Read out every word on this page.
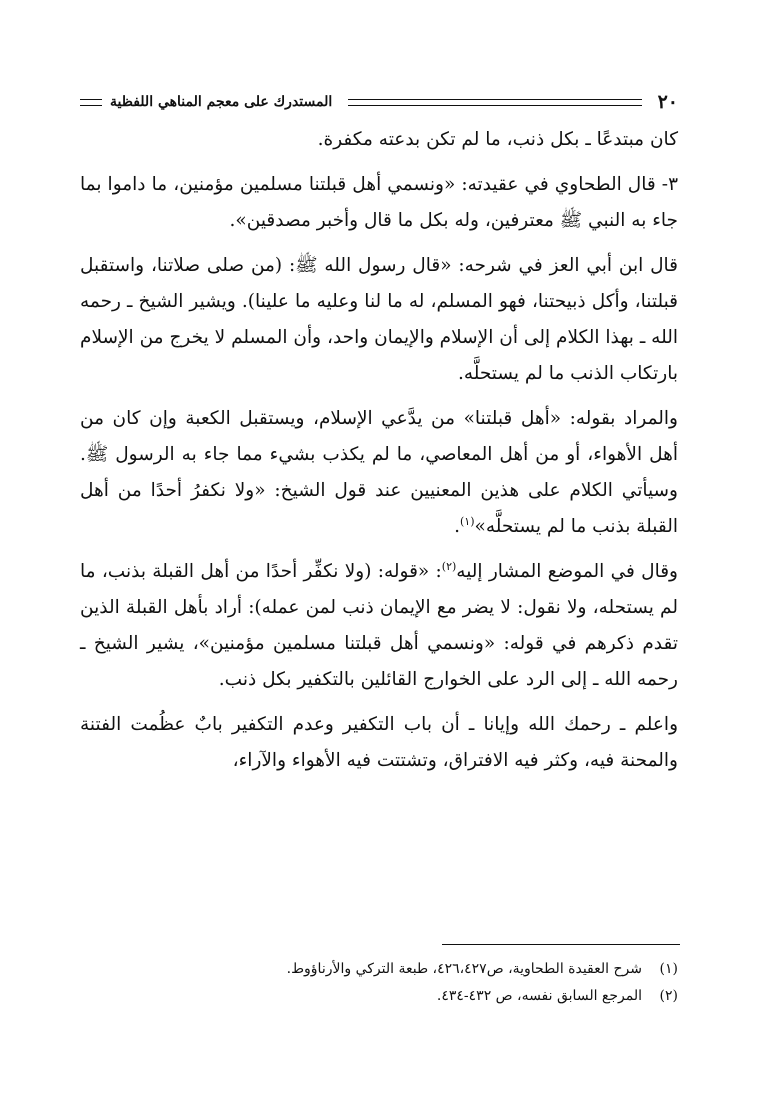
٢٠
المستدرك على معجم المناهي اللفظية

كان مبتدعًا ـ بكل ذنب، ما لم تكن بدعته مكفرة.

٣- قال الطحاوي في عقيدته: «ونسمي أهل قبلتنا مسلمين مؤمنين، ما داموا بما جاء به النبي ﷺ معترفين، وله بكل ما قال وأخبر مصدقين».

قال ابن أبي العز في شرحه: «قال رسول الله ﷺ: (من صلى صلاتنا، واستقبل قبلتنا، وأكل ذبيحتنا، فهو المسلم، له ما لنا وعليه ما علينا). ويشير الشيخ ـ رحمه الله ـ بهذا الكلام إلى أن الإسلام والإيمان واحد، وأن المسلم لا يخرج من الإسلام بارتكاب الذنب ما لم يستحلَّه.

والمراد بقوله: «أهل قبلتنا» من يدَّعي الإسلام، ويستقبل الكعبة وإن كان من أهل الأهواء، أو من أهل المعاصي، ما لم يكذب بشيء مما جاء به الرسول ﷺ. وسيأتي الكلام على هذين المعنيين عند قول الشيخ: «ولا نكفرُ أحدًا من أهل القبلة بذنب ما لم يستحلَّه»$^{(١)}$.

وقال في الموضع المشار إليه$^{(٢)}$: «قوله: (ولا نكفِّر أحدًا من أهل القبلة بذنب، ما لم يستحله، ولا نقول: لا يضر مع الإيمان ذنب لمن عمله): أراد بأهل القبلة الذين تقدم ذكرهم في قوله: «ونسمي أهل قبلتنا مسلمين مؤمنين»، يشير الشيخ ـ رحمه الله ـ إلى الرد على الخوارج القائلين بالتكفير بكل ذنب.

واعلم ـ رحمك الله وإيانا ـ أن باب التكفير وعدم التكفير بابٌ عظُمت الفتنة والمحنة فيه، وكثر فيه الافتراق، وتشتتت فيه الأهواء والآراء،

(١)
شرح العقيدة الطحاوية، ص٤٢٦،٤٢٧، طبعة التركي والأرناؤوط.
(٢)
المرجع السابق نفسه، ص ٤٣٢-٤٣٤.
